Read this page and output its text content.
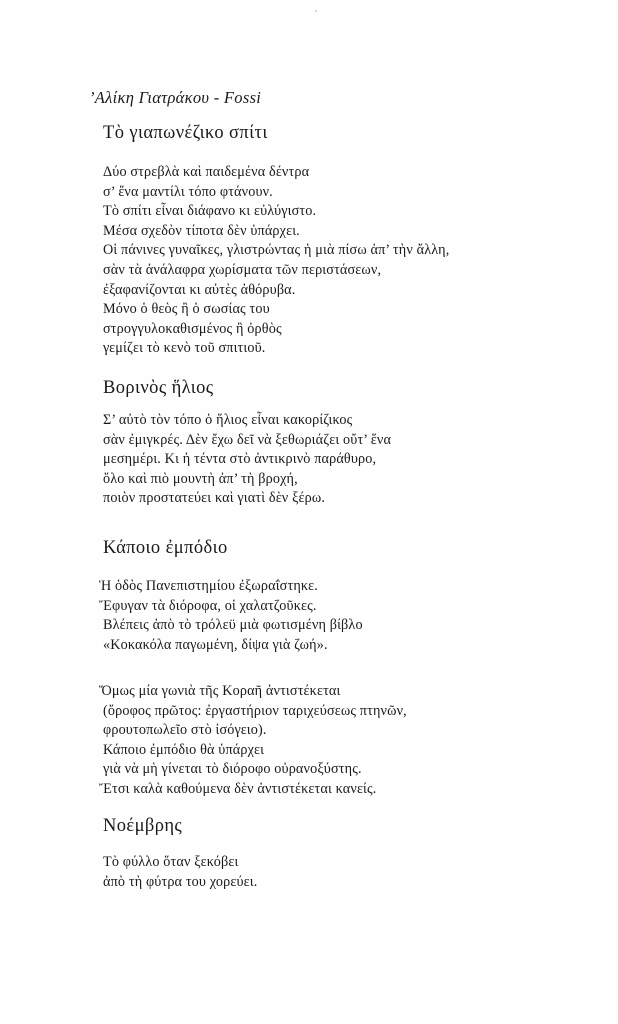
’Αλίκη Γιατράκου - Fossi
Τὸ γιαπωνέζικο σπίτι
Δύο στρεβλὰ καὶ παιδεμένα δέντρα
σ’ ἕνα μαντίλι τόπο φτάνουν.
Τὸ σπίτι εἶναι διάφανο κι εὐλύγιστο.
Μέσα σχεδὸν τίποτα δὲν ὑπάρχει.
Οἱ πάνινες γυναῖκες, γλιστρώντας ἡ μιὰ πίσω ἀπ’ τὴν ἄλλη,
σὰν τὰ ἀνάλαφρα χωρίσματα τῶν περιστάσεων,
ἐξαφανίζονται κι αὐτὲς ἀθόρυβα.
Μόνο ὁ θεὸς ἢ ὁ σωσίας του
στρογγυλοκαθισμένος ἢ ὀρθὸς
γεμίζει τὸ κενὸ τοῦ σπιτιοῦ.
Βορινὸς ἥλιος
Σ’ αὐτὸ τὸν τόπο ὁ ἥλιος εἶναι κακορίζικος
σὰν ἐμιγκρές. Δὲν ἔχω δεῖ νὰ ξεθωριάζει οὔτ’ ἕνα
μεσημέρι. Κι ἡ τέντα στὸ ἀντικρινὸ παράθυρο,
ὅλο καὶ πιὸ μουντὴ ἀπ’ τὴ βροχή,
ποιὸν προστατεύει καὶ γιατὶ δὲν ξέρω.
Κάποιο ἐμπόδιο
Ἡ ὁδὸς Πανεπιστημίου ἐξωραΐστηκε.
Ἔφυγαν τὰ διόροφα, οἱ χαλατζοῦκες.
Βλέπεις ἀπὸ τὸ τρόλεϋ μιὰ φωτισμένη βίβλο
«Κοκακόλα παγωμένη, δίψα γιὰ ζωή».
Ὅμως μία γωνιὰ τῆς Κοραῆ ἀντιστέκεται
(ὄροφος πρῶτος: ἐργαστήριον ταριχεύσεως πτηνῶν,
φρουτοπωλεῖο στὸ ἰσόγειο).
Κάποιο ἐμπόδιο θὰ ὑπάρχει
γιὰ νὰ μὴ γίνεται τὸ διόροφο οὐρανοξύστης.
Ἔτσι καλὰ καθούμενα δὲν ἀντιστέκεται κανείς.
Νοέμβρης
Τὸ φύλλο ὅταν ξεκόβει
ἀπὸ τὴ φύτρα του χορεύει.
